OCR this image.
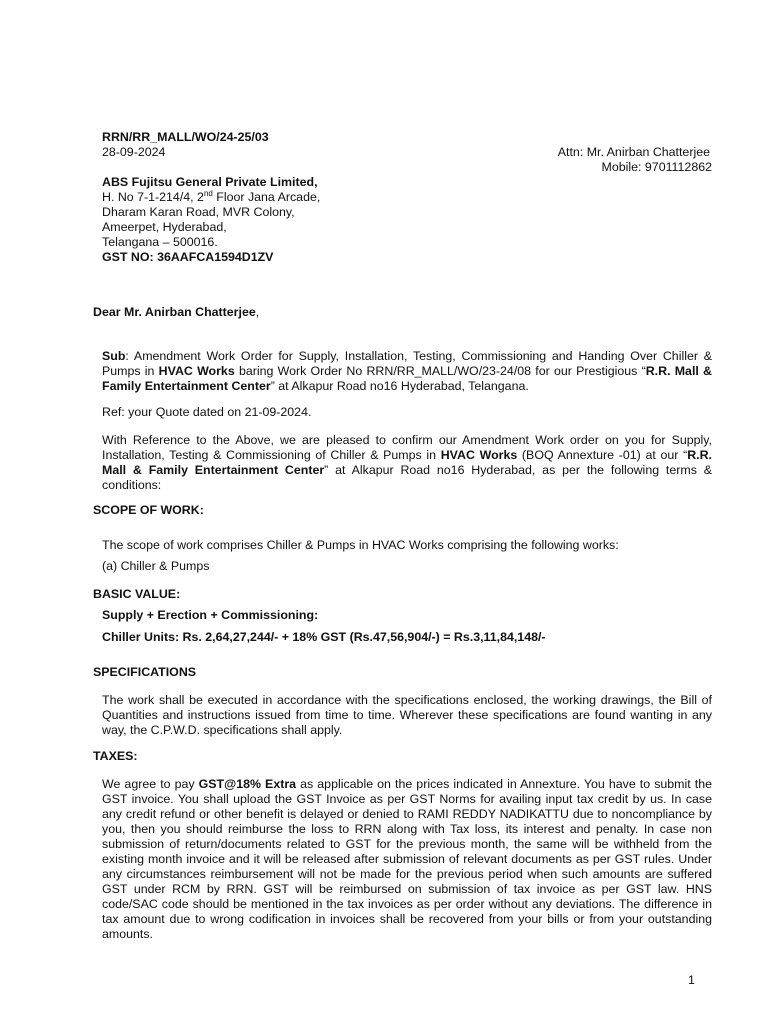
RRN/RR_MALL/WO/24-25/03
28-09-2024	Attn: Mr. Anirban Chatterjee
Mobile: 9701112862
ABS Fujitsu General Private Limited,
H. No 7-1-214/4, 2nd Floor Jana Arcade,
Dharam Karan Road, MVR Colony,
Ameerpet, Hyderabad,
Telangana – 500016.
GST NO: 36AAFCA1594D1ZV
Dear Mr. Anirban Chatterjee,
Sub: Amendment Work Order for Supply, Installation, Testing, Commissioning and Handing Over Chiller & Pumps in HVAC Works baring Work Order No RRN/RR_MALL/WO/23-24/08 for our Prestigious “R.R. Mall & Family Entertainment Center” at Alkapur Road no16 Hyderabad, Telangana.
Ref: your Quote dated on 21-09-2024.
With Reference to the Above, we are pleased to confirm our Amendment Work order on you for Supply, Installation, Testing & Commissioning of Chiller & Pumps in HVAC Works (BOQ Annexture -01) at our “R.R. Mall & Family Entertainment Center” at Alkapur Road no16 Hyderabad, as per the following terms & conditions:
SCOPE OF WORK:
The scope of work comprises Chiller & Pumps in HVAC Works comprising the following works:
(a) Chiller & Pumps
BASIC VALUE:
Supply + Erection + Commissioning:
Chiller Units: Rs. 2,64,27,244/- + 18% GST (Rs.47,56,904/-) = Rs.3,11,84,148/-
SPECIFICATIONS
The work shall be executed in accordance with the specifications enclosed, the working drawings, the Bill of Quantities and instructions issued from time to time. Wherever these specifications are found wanting in any way, the C.P.W.D. specifications shall apply.
TAXES:
We agree to pay GST@18% Extra as applicable on the prices indicated in Annexture. You have to submit the GST invoice. You shall upload the GST Invoice as per GST Norms for availing input tax credit by us. In case any credit refund or other benefit is delayed or denied to RAMI REDDY NADIKATTU due to noncompliance by you, then you should reimburse the loss to RRN along with Tax loss, its interest and penalty. In case non submission of return/documents related to GST for the previous month, the same will be withheld from the existing month invoice and it will be released after submission of relevant documents as per GST rules. Under any circumstances reimbursement will not be made for the previous period when such amounts are suffered GST under RCM by RRN. GST will be reimbursed on submission of tax invoice as per GST law. HNS code/SAC code should be mentioned in the tax invoices as per order without any deviations. The difference in tax amount due to wrong codification in invoices shall be recovered from your bills or from your outstanding amounts.
1
